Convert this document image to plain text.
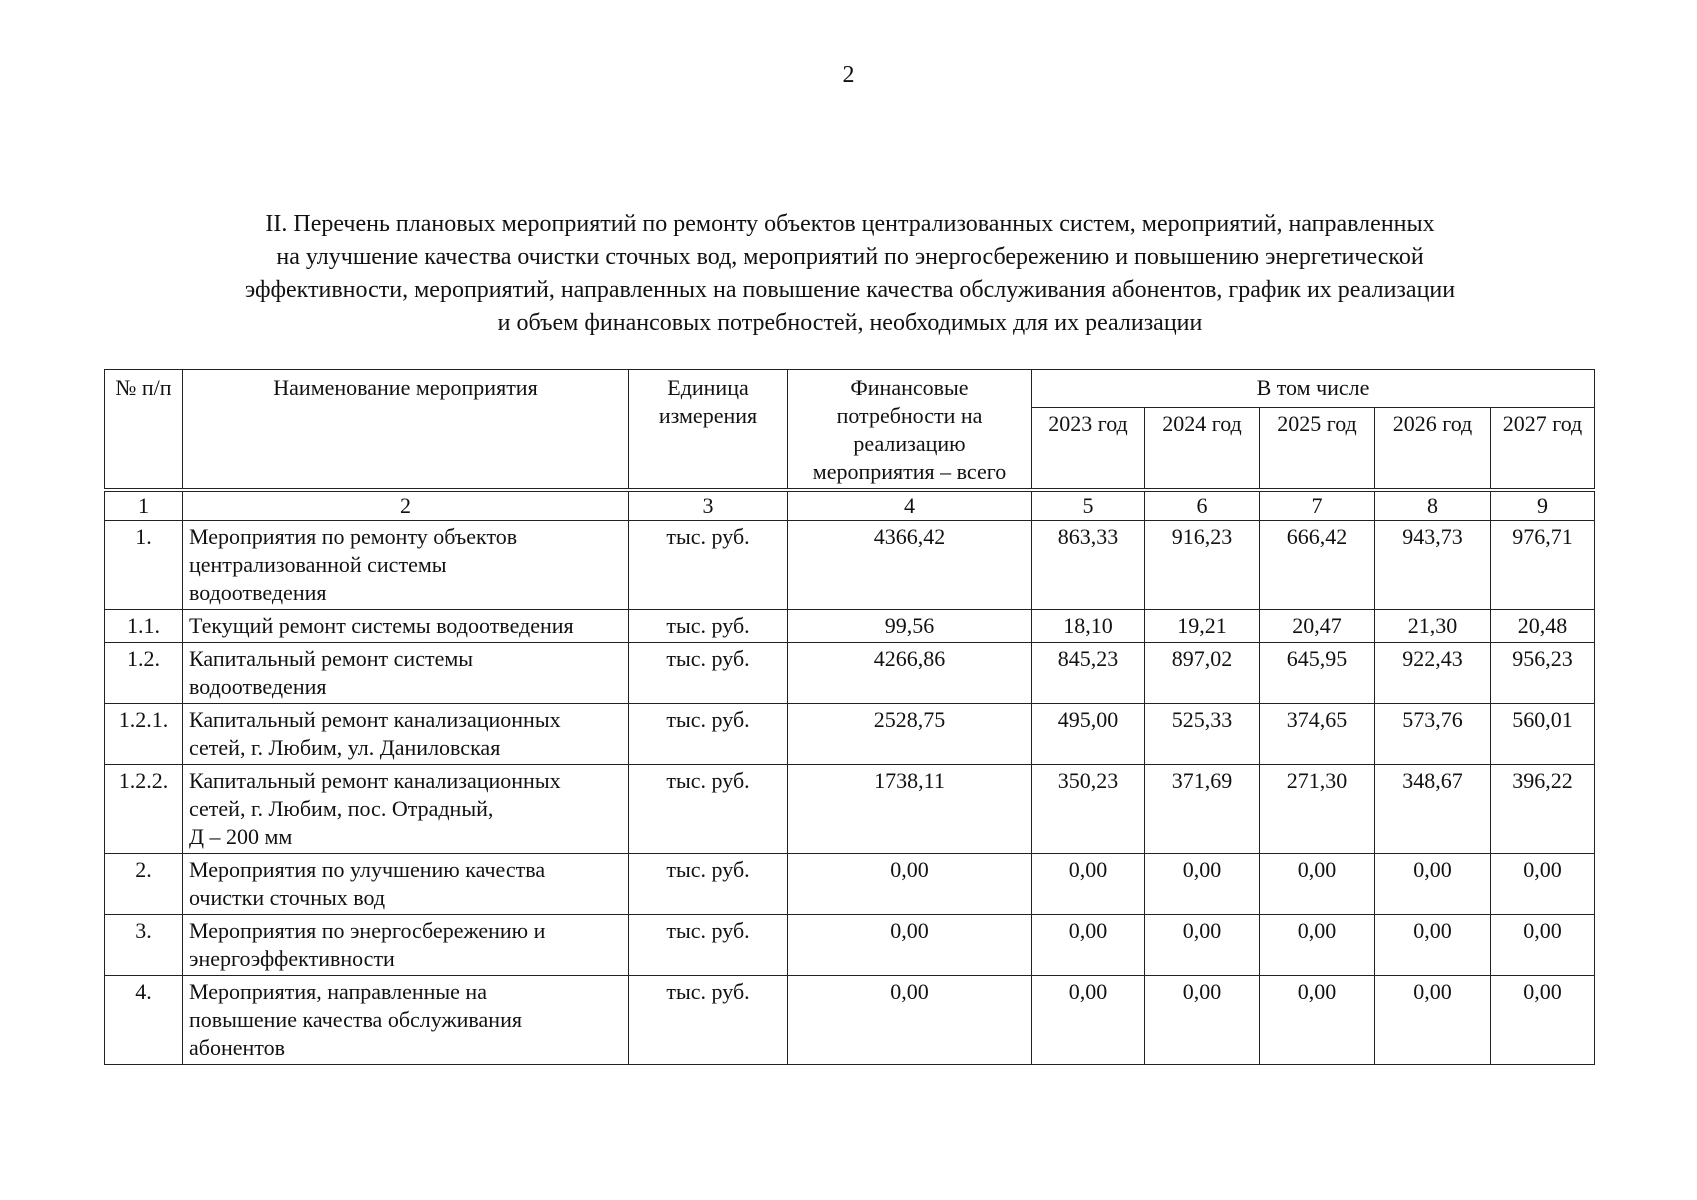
2
II. Перечень плановых мероприятий по ремонту объектов централизованных систем, мероприятий, направленных
на улучшение качества очистки сточных вод, мероприятий по энергосбережению и повышению энергетической
эффективности, мероприятий, направленных на повышение качества обслуживания абонентов, график их реализации
и объем финансовых потребностей, необходимых для их реализации
№ п/п	Наименование мероприятия	Единица измерения	Финансовые потребности на реализацию мероприятия – всего	В том числе				
				2023 год	2024 год	2025 год	2026 год	2027 год
1	2	3	4	5	6	7	8	9
1.	Мероприятия по ремонту объектов
централизованной системы
водоотведения	тыс. руб.	4366,42	863,33	916,23	666,42	943,73	976,71
1.1.	Текущий ремонт системы водоотведения	тыс. руб.	99,56	18,10	19,21	20,47	21,30	20,48
1.2.	Капитальный ремонт системы
водоотведения	тыс. руб.	4266,86	845,23	897,02	645,95	922,43	956,23
1.2.1.	Капитальный ремонт канализационных
сетей, г. Любим, ул. Даниловская	тыс. руб.	2528,75	495,00	525,33	374,65	573,76	560,01
1.2.2.	Капитальный ремонт канализационных
сетей, г. Любим, пос. Отрадный,
Д – 200 мм	тыс. руб.	1738,11	350,23	371,69	271,30	348,67	396,22
2.	Мероприятия по улучшению качества
очистки сточных вод	тыс. руб.	0,00	0,00	0,00	0,00	0,00	0,00
3.	Мероприятия по энергосбережению и
энергоэффективности	тыс. руб.	0,00	0,00	0,00	0,00	0,00	0,00
4.	Мероприятия, направленные на
повышение качества обслуживания
абонентов	тыс. руб.	0,00	0,00	0,00	0,00	0,00	0,00
